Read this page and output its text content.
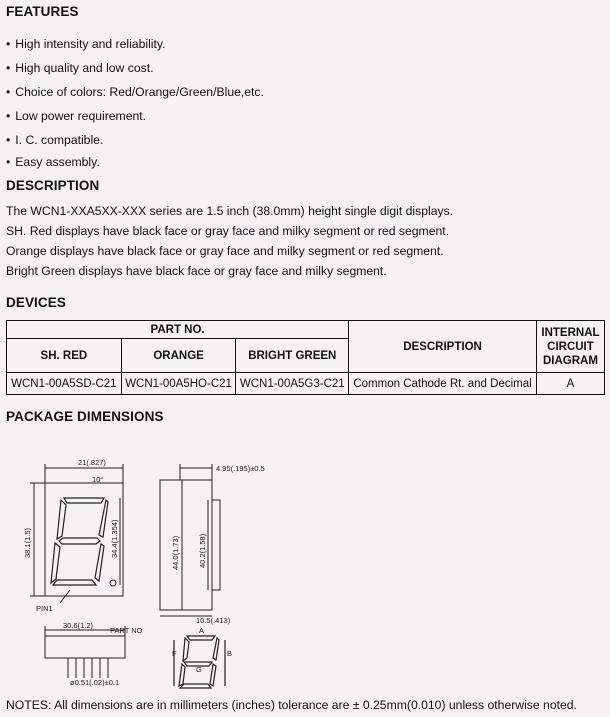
FEATURES
• High intensity and reliability.
• High quality and low cost.
• Choice of colors: Red/Orange/Green/Blue,etc.
• Low power requirement.
• I. C. compatible.
• Easy assembly.
DESCRIPTION
The WCN1-XXA5XX-XXX series are 1.5 inch (38.0mm) height single digit displays.
SH. Red displays have black face or gray face and milky segment or red segment.
Orange displays have black face or gray face and milky segment or red segment.
Bright Green displays have black face or gray face and milky segment.
DEVICES
PART NO.			DESCRIPTION	INTERNAL
CIRCUIT
DIAGRAM

SH. RED	ORANGE	BRIGHT GREEN		
WCN1-00A5SD-C21	WCN1-00A5HO-C21	WCN1-00A5G3-C21	Common Cathode Rt. and Decimal	A
PACKAGE DIMENSIONS
21(.827)
10°
38.1(1.5)	34.4(1.354)
PIN1
4.95(.195)±0.5
44.0(1.73) 40.2(1.58)
10.5(.413)
30.6(1.2)
PART NO
ø0.51(.02)±0.1
A
F
G
B
NOTES: All dimensions are in millimeters (inches) tolerance are ± 0.25mm(0.010) unless otherwise noted.
